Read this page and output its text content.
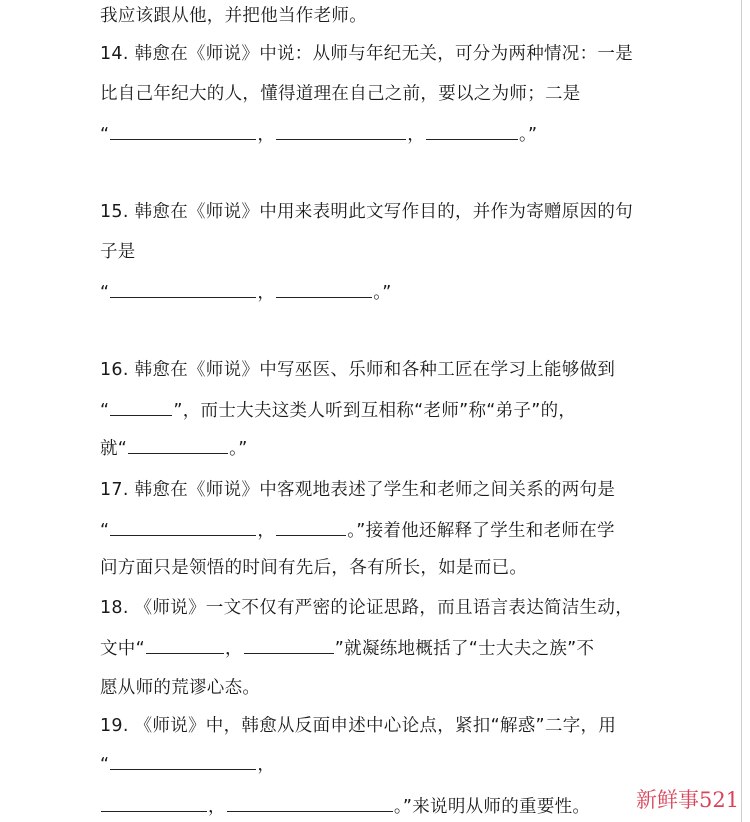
我应该跟从他，并把他当作老师。
14. 韩愈在《师说》中说：从师与年纪无关，可分为两种情况：一是
比自己年纪大的人，懂得道理在自己之前，要以之为师；二是
“	，	，	。”
15. 韩愈在《师说》中用来表明此文写作目的，并作为寄赠原因的句
子是
“	，	。”
16. 韩愈在《师说》中写巫医、乐师和各种工匠在学习上能够做到
“	”，而士大夫这类人听到互相称“老师”称“弟子”的，
就“	。”
17. 韩愈在《师说》中客观地表述了学生和老师之间关系的两句是
“	，	。”接着他还解释了学生和老师在学
问方面只是领悟的时间有先后，各有所长，如是而已。
18. 《师说》一文不仅有严密的论证思路，而且语言表达简洁生动，
文中“	，	”就凝练地概括了“士大夫之族”不
愿从师的荒谬心态。
19. 《师说》中，韩愈从反面申述中心论点，紧扣“解惑”二字，用
“	，
，	。”来说明从师的重要性。 新鲜事521
